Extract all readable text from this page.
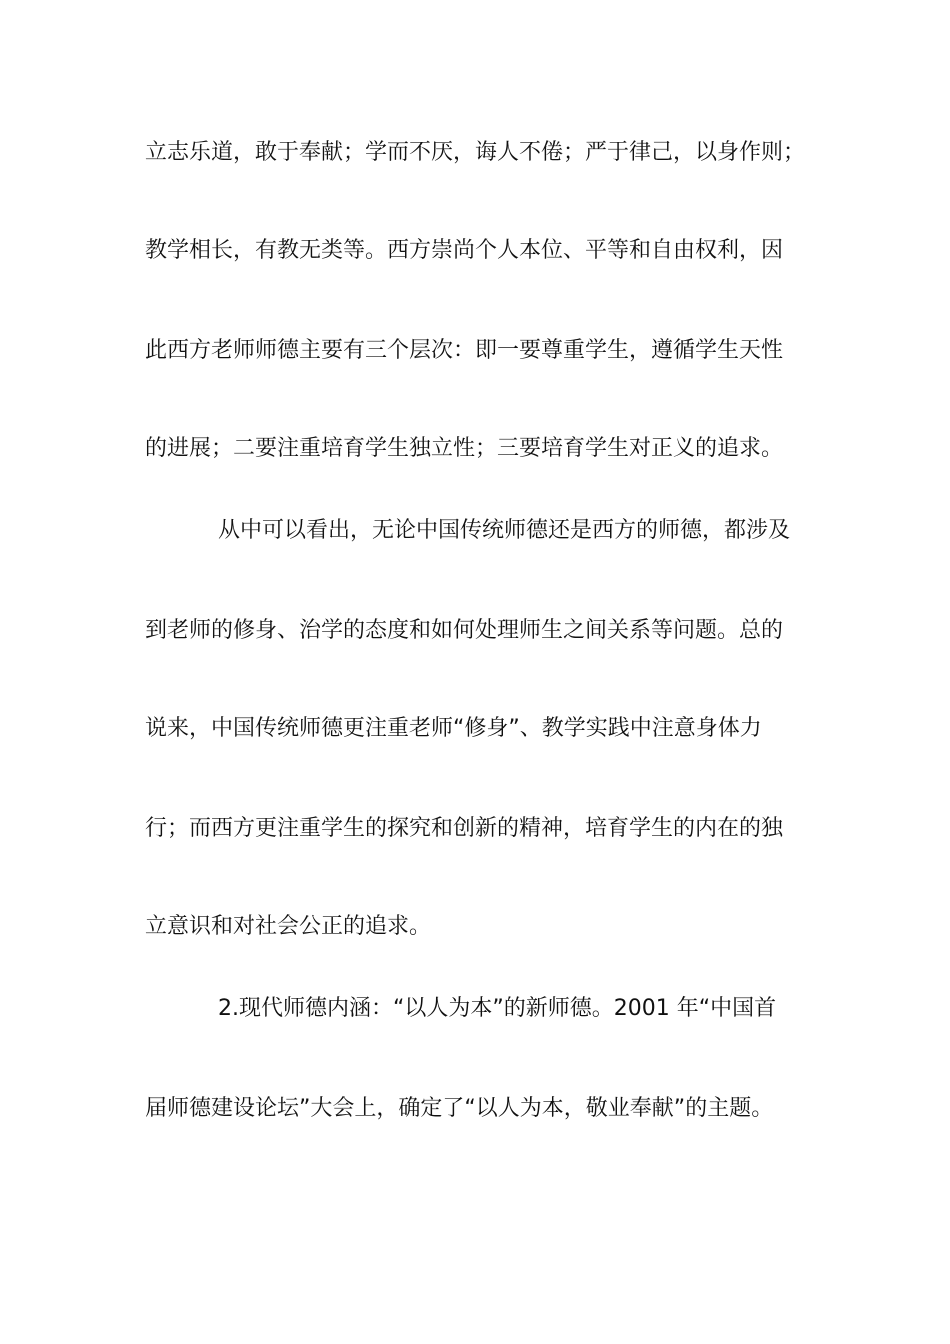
立志乐道，敢于奉献；学而不厌，诲人不倦；严于律己，以身作则；

教学相长，有教无类等。西方崇尚个人本位、平等和自由权利，因

此西方老师师德主要有三个层次：即一要尊重学生，遵循学生天性

的进展；二要注重培育学生独立性；三要培育学生对正义的追求。

从中可以看出，无论中国传统师德还是西方的师德，都涉及

到老师的修身、治学的态度和如何处理师生之间关系等问题。总的

说来，中国传统师德更注重老师“修身”、教学实践中注意身体力

行；而西方更注重学生的探究和创新的精神，培育学生的内在的独

立意识和对社会公正的追求。

2.现代师德内涵：“以人为本”的新师德。2001 年“中国首

届师德建设论坛”大会上，确定了“以人为本，敬业奉献”的主题。
